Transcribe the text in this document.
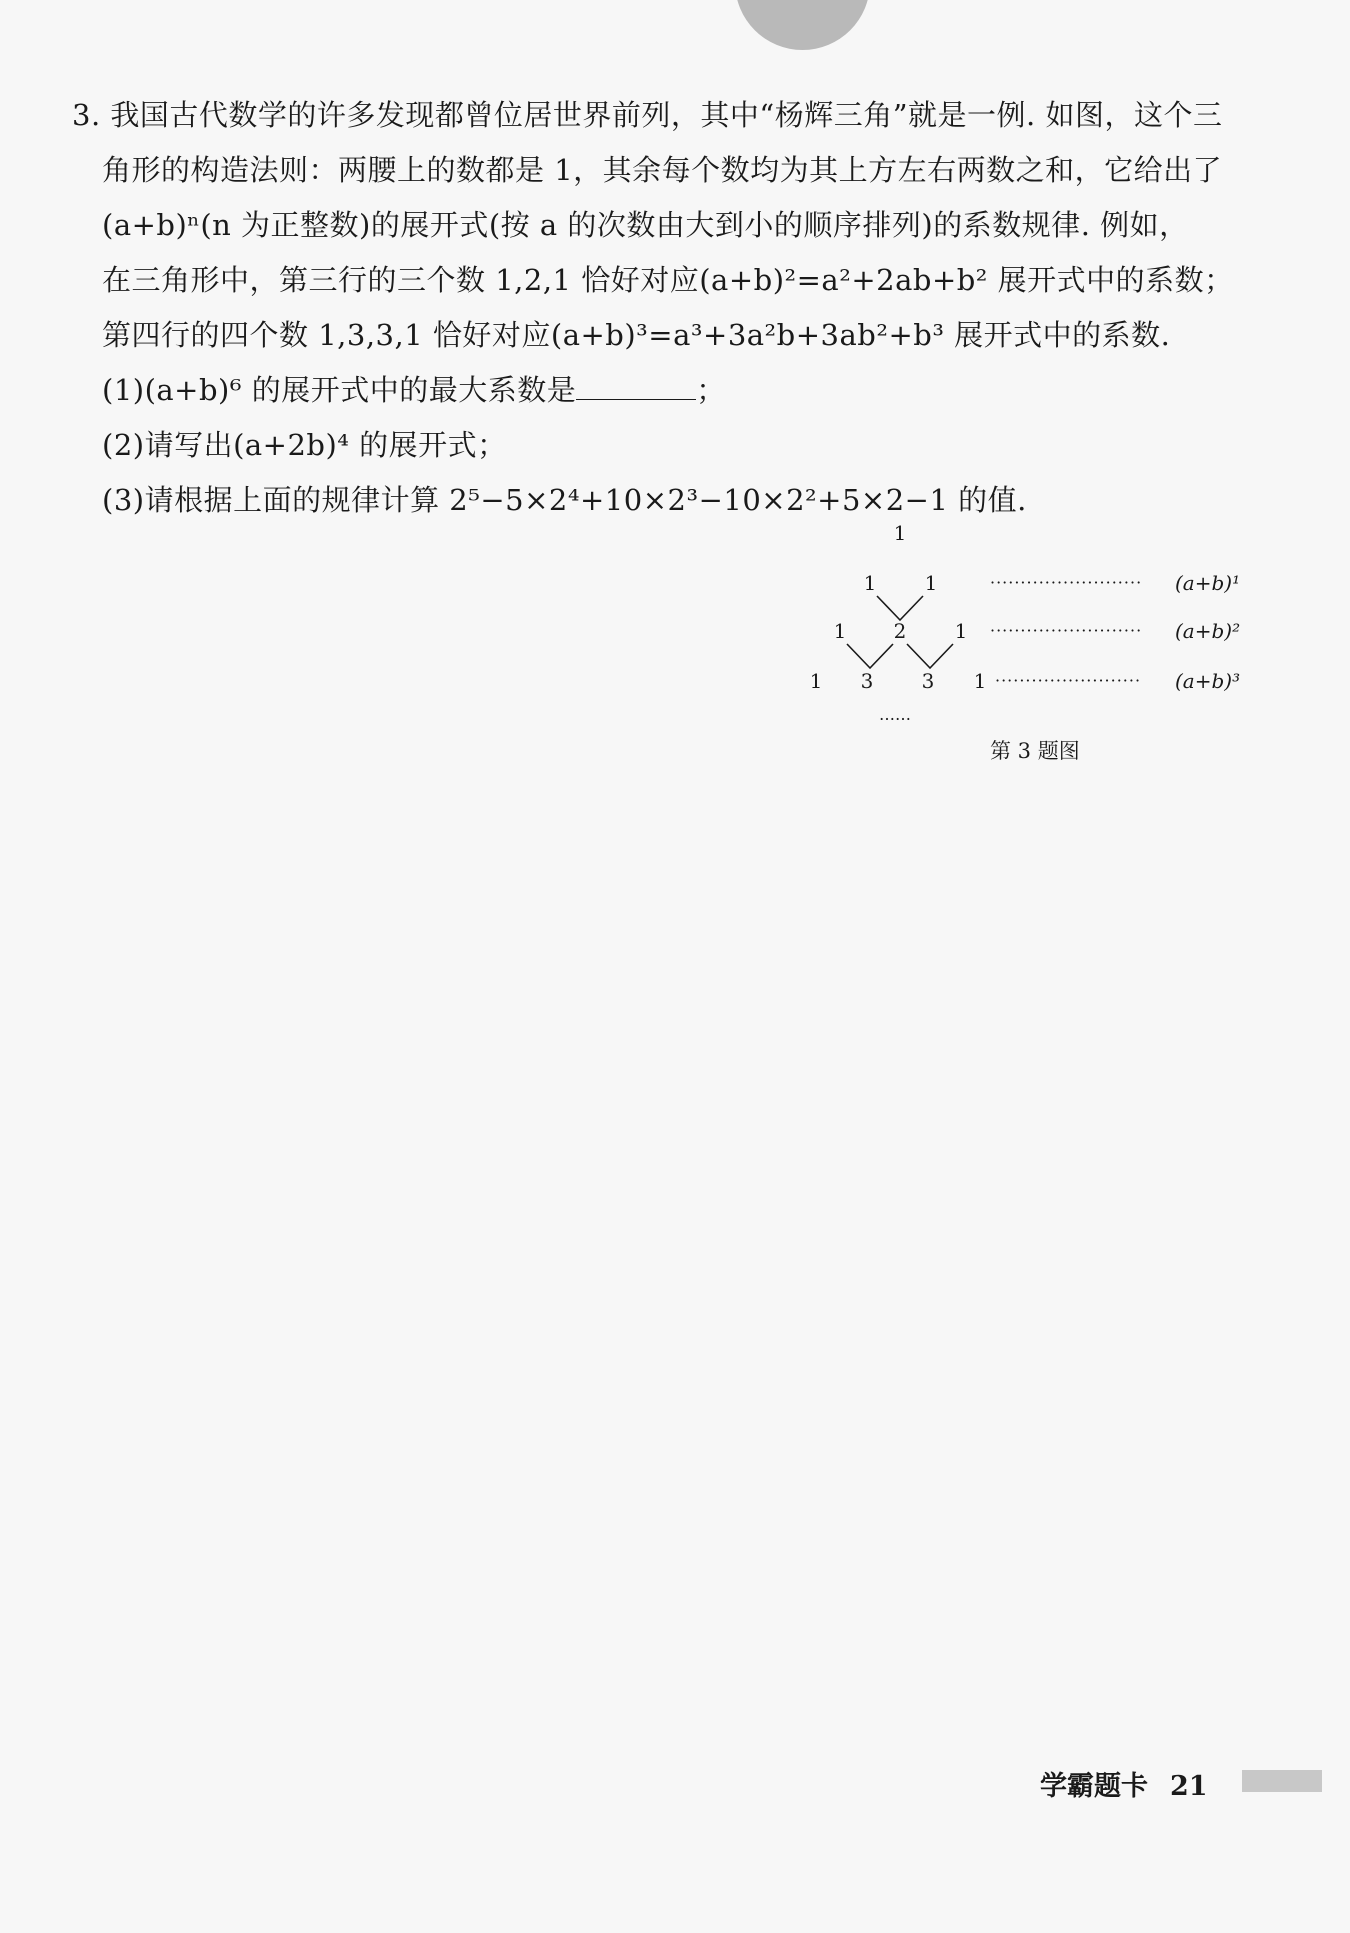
3. 我国古代数学的许多发现都曾位居世界前列，其中“杨辉三角”就是一例. 如图，这个三
角形的构造法则：两腰上的数都是 1，其余每个数均为其上方左右两数之和，它给出了
(a+b)ⁿ(n 为正整数)的展开式(按 a 的次数由大到小的顺序排列)的系数规律. 例如，
在三角形中，第三行的三个数 1,2,1 恰好对应(a+b)²=a²+2ab+b² 展开式中的系数；
第四行的四个数 1,3,3,1 恰好对应(a+b)³=a³+3a²b+3ab²+b³ 展开式中的系数.
(1)(a+b)⁶ 的展开式中的最大系数是	；
(2)请写出(a+2b)⁴ 的展开式；
(3)请根据上面的规律计算 2⁵−5×2⁴+10×2³−10×2²+5×2−1 的值.
1
1 1
1 2 1
1 3 3 1
……
·························
·························
························
(a+b)¹
(a+b)²
(a+b)³
第 3 题图
学霸题卡 21
